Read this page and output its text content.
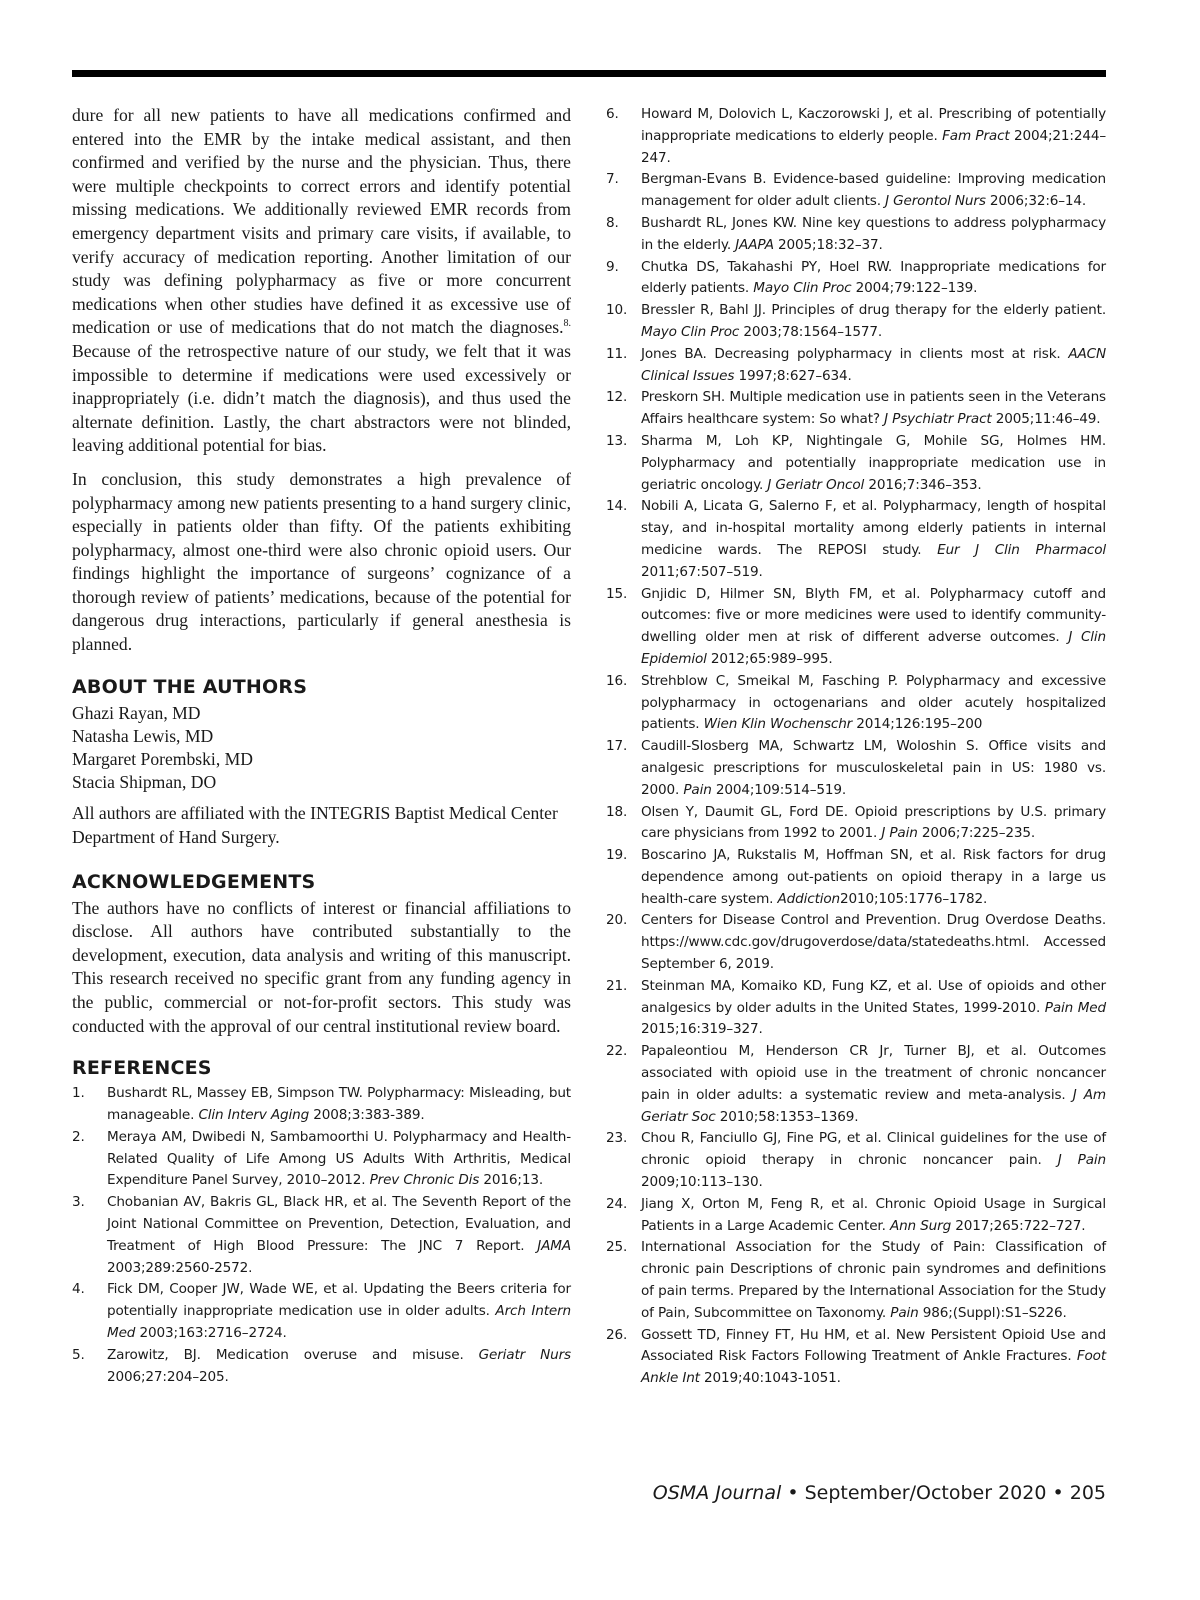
dure for all new patients to have all medications confirmed and entered into the EMR by the intake medical assistant, and then confirmed and verified by the nurse and the physician. Thus, there were multiple checkpoints to correct errors and identify potential missing medications. We additionally reviewed EMR records from emergency department visits and primary care visits, if available, to verify accuracy of medication reporting. Another limitation of our study was defining polypharmacy as five or more concurrent medications when other studies have defined it as excessive use of medication or use of medications that do not match the diagnoses.$^{8.}$ Because of the retrospective nature of our study, we felt that it was impossible to determine if medications were used excessively or inappropriately (i.e. didn’t match the diagnosis), and thus used the alternate definition. Lastly, the chart abstractors were not blinded, leaving additional potential for bias.

In conclusion, this study demonstrates a high prevalence of polypharmacy among new patients presenting to a hand surgery clinic, especially in patients older than fifty. Of the patients exhibiting polypharmacy, almost one-third were also chronic opioid users. Our findings highlight the importance of surgeons’ cognizance of a thorough review of patients’ medications, because of the potential for dangerous drug interactions, particularly if general anesthesia is planned.

ABOUT THE AUTHORS
Ghazi Rayan, MD
Natasha Lewis, MD
Margaret Porembski, MD
Stacia Shipman, DO
All authors are affiliated with the INTEGRIS Baptist Medical Center Department of Hand Surgery.
ACKNOWLEDGEMENTS
The authors have no conflicts of interest or financial affiliations to disclose. All authors have contributed substantially to the development, execution, data analysis and writing of this manuscript. This research received no specific grant from any funding agency in the public, commercial or not-for-profit sectors. This study was conducted with the approval of our central institutional review board.
REFERENCES
1. Bushardt RL, Massey EB, Simpson TW. Polypharmacy: Misleading, but manageable. Clin Interv Aging 2008;3:383-389.
2. Meraya AM, Dwibedi N, Sambamoorthi U. Polypharmacy and Health-Related Quality of Life Among US Adults With Arthritis, Medical Expenditure Panel Survey, 2010–2012. Prev Chronic Dis 2016;13.
3. Chobanian AV, Bakris GL, Black HR, et al. The Seventh Report of the Joint National Committee on Prevention, Detection, Evaluation, and Treatment of High Blood Pressure: The JNC 7 Report. JAMA 2003;289:2560-2572.
4. Fick DM, Cooper JW, Wade WE, et al. Updating the Beers criteria for potentially inappropriate medication use in older adults. Arch Intern Med 2003;163:2716–2724.
5. Zarowitz, BJ. Medication overuse and misuse. Geriatr Nurs 2006;27:204–205.
6. Howard M, Dolovich L, Kaczorowski J, et al. Prescribing of potentially inappropriate medications to elderly people. Fam Pract 2004;21:244–247.
7. Bergman-Evans B. Evidence-based guideline: Improving medication management for older adult clients. J Gerontol Nurs 2006;32:6–14.
8. Bushardt RL, Jones KW. Nine key questions to address polypharmacy in the elderly. JAAPA 2005;18:32–37.
9. Chutka DS, Takahashi PY, Hoel RW. Inappropriate medications for elderly patients. Mayo Clin Proc 2004;79:122–139.
10. Bressler R, Bahl JJ. Principles of drug therapy for the elderly patient. Mayo Clin Proc 2003;78:1564–1577.
11. Jones BA. Decreasing polypharmacy in clients most at risk. AACN Clinical Issues 1997;8:627–634.
12. Preskorn SH. Multiple medication use in patients seen in the Veterans Affairs healthcare system: So what? J Psychiatr Pract 2005;11:46–49.
13. Sharma M, Loh KP, Nightingale G, Mohile SG, Holmes HM. Polypharmacy and potentially inappropriate medication use in geriatric oncology. J Geriatr Oncol 2016;7:346–353.
14. Nobili A, Licata G, Salerno F, et al. Polypharmacy, length of hospital stay, and in-hospital mortality among elderly patients in internal medicine wards. The REPOSI study. Eur J Clin Pharmacol 2011;67:507–519.
15. Gnjidic D, Hilmer SN, Blyth FM, et al. Polypharmacy cutoff and outcomes: five or more medicines were used to identify community-dwelling older men at risk of different adverse outcomes. J Clin Epidemiol 2012;65:989–995.
16. Strehblow C, Smeikal M, Fasching P. Polypharmacy and excessive polypharmacy in octogenarians and older acutely hospitalized patients. Wien Klin Wochenschr 2014;126:195–200
17. Caudill-Slosberg MA, Schwartz LM, Woloshin S. Office visits and analgesic prescriptions for musculoskeletal pain in US: 1980 vs. 2000. Pain 2004;109:514–519.
18. Olsen Y, Daumit GL, Ford DE. Opioid prescriptions by U.S. primary care physicians from 1992 to 2001. J Pain 2006;7:225–235.
19. Boscarino JA, Rukstalis M, Hoffman SN, et al. Risk factors for drug dependence among out-patients on opioid therapy in a large us health-care system. Addiction2010;105:1776–1782.
20. Centers for Disease Control and Prevention. Drug Overdose Deaths. https://www.cdc.gov/drugoverdose/data/statedeaths.html. Accessed September 6, 2019.
21. Steinman MA, Komaiko KD, Fung KZ, et al. Use of opioids and other analgesics by older adults in the United States, 1999-2010. Pain Med 2015;16:319–327.
22. Papaleontiou M, Henderson CR Jr, Turner BJ, et al. Outcomes associated with opioid use in the treatment of chronic noncancer pain in older adults: a systematic review and meta-analysis. J Am Geriatr Soc 2010;58:1353–1369.
23. Chou R, Fanciullo GJ, Fine PG, et al. Clinical guidelines for the use of chronic opioid therapy in chronic noncancer pain. J Pain 2009;10:113–130.
24. Jiang X, Orton M, Feng R, et al. Chronic Opioid Usage in Surgical Patients in a Large Academic Center. Ann Surg 2017;265:722–727.
25. International Association for the Study of Pain: Classification of chronic pain Descriptions of chronic pain syndromes and definitions of pain terms. Prepared by the International Association for the Study of Pain, Subcommittee on Taxonomy. Pain 986;(Suppl):S1–S226.
26. Gossett TD, Finney FT, Hu HM, et al. New Persistent Opioid Use and Associated Risk Factors Following Treatment of Ankle Fractures. Foot Ankle Int 2019;40:1043-1051.
OSMA Journal • September/October 2020 • 205
